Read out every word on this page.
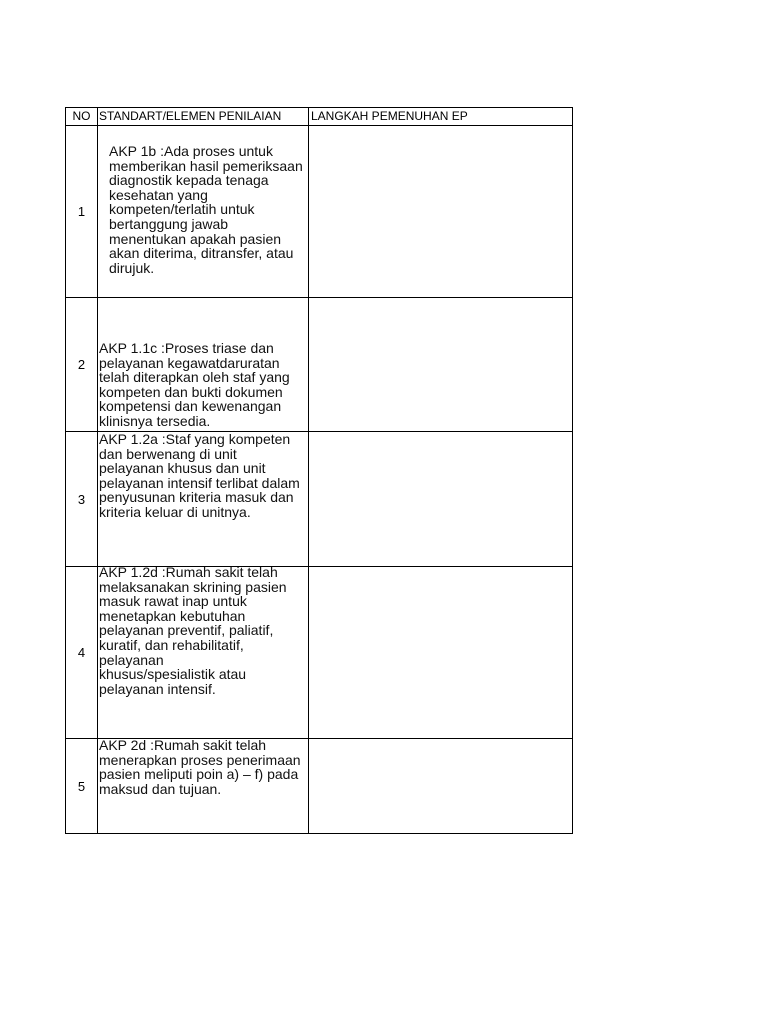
NO STANDART/ELEMEN PENILAIAN LANGKAH PEMENUHAN EP
1
AKP 1b :Ada proses untuk
memberikan hasil pemeriksaan
diagnostik kepada tenaga
kesehatan yang
kompeten/terlatih untuk
bertanggung jawab
menentukan apakah pasien
akan diterima, ditransfer, atau
dirujuk.
2
AKP 1.1c :Proses triase dan
pelayanan kegawatdaruratan
telah diterapkan oleh staf yang
kompeten dan bukti dokumen
kompetensi dan kewenangan
klinisnya tersedia.
3
AKP 1.2a :Staf yang kompeten
dan berwenang di unit
pelayanan khusus dan unit
pelayanan intensif terlibat dalam
penyusunan kriteria masuk dan
kriteria keluar di unitnya.
4
AKP 1.2d :Rumah sakit telah
melaksanakan skrining pasien
masuk rawat inap untuk
menetapkan kebutuhan
pelayanan preventif, paliatif,
kuratif, dan rehabilitatif,
pelayanan
khusus/spesialistik atau
pelayanan intensif.
5
AKP 2d :Rumah sakit telah
menerapkan proses penerimaan
pasien meliputi poin a) – f) pada
maksud dan tujuan.
